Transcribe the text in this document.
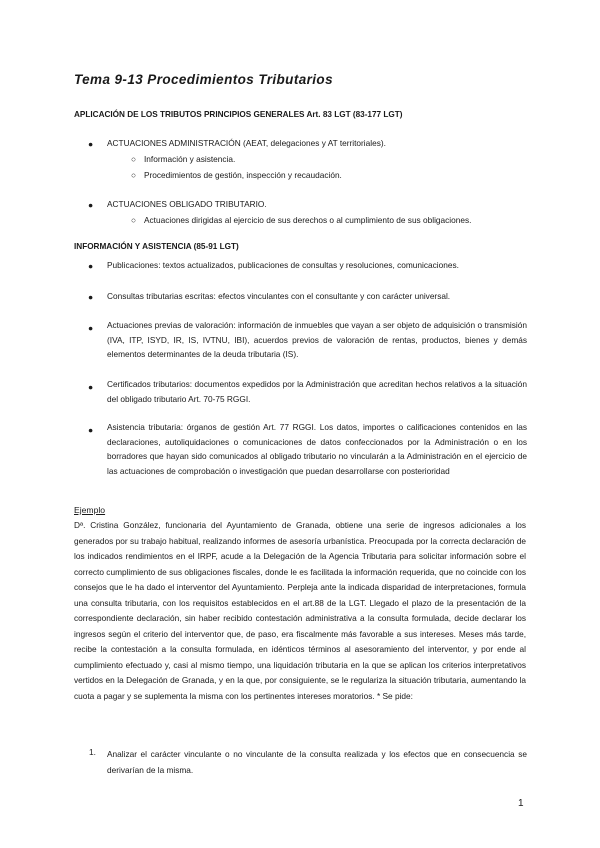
Tema 9-13 Procedimientos Tributarios
APLICACIÓN DE LOS TRIBUTOS PRINCIPIOS GENERALES Art. 83 LGT (83-177 LGT)
● ACTUACIONES ADMINISTRACIÓN (AEAT, delegaciones y AT territoriales).
○ Información y asistencia.
○ Procedimientos de gestión, inspección y recaudación.
● ACTUACIONES OBLIGADO TRIBUTARIO.
○ Actuaciones dirigidas al ejercicio de sus derechos o al cumplimiento de sus obligaciones.
INFORMACIÓN Y ASISTENCIA (85-91 LGT)
● Publicaciones: textos actualizados, publicaciones de consultas y resoluciones, comunicaciones.
● Consultas tributarias escritas: efectos vinculantes con el consultante y con carácter universal.
● Actuaciones previas de valoración: información de inmuebles que vayan a ser objeto de adquisición o transmisión (IVA, ITP, ISYD, IR, IS, IVTNU, IBI), acuerdos previos de valoración de rentas, productos, bienes y demás elementos determinantes de la deuda tributaria (IS).
● Certificados tributarios: documentos expedidos por la Administración que acreditan hechos relativos a la situación del obligado tributario Art. 70-75 RGGI.
● Asistencia tributaria: órganos de gestión Art. 77 RGGI. Los datos, importes o calificaciones contenidos en las declaraciones, autoliquidaciones o comunicaciones de datos confeccionados por la Administración o en los borradores que hayan sido comunicados al obligado tributario no vincularán a la Administración en el ejercicio de las actuaciones de comprobación o investigación que puedan desarrollarse con posterioridad
Ejemplo

Dª. Cristina González, funcionaria del Ayuntamiento de Granada, obtiene una serie de ingresos adicionales a los generados por su trabajo habitual, realizando informes de asesoría urbanística. Preocupada por la correcta declaración de los indicados rendimientos en el IRPF, acude a la Delegación de la Agencia Tributaria para solicitar información sobre el correcto cumplimiento de sus obligaciones fiscales, donde le es facilitada la información requerida, que no coincide con los consejos que le ha dado el interventor del Ayuntamiento. Perpleja ante la indicada disparidad de interpretaciones, formula una consulta tributaria, con los requisitos establecidos en el art.88 de la LGT. Llegado el plazo de la presentación de la correspondiente declaración, sin haber recibido contestación administrativa a la consulta formulada, decide declarar los ingresos según el criterio del interventor que, de paso, era fiscalmente más favorable a sus intereses. Meses más tarde, recibe la contestación a la consulta formulada, en idénticos términos al asesoramiento del interventor, y por ende al cumplimiento efectuado y, casi al mismo tiempo, una liquidación tributaria en la que se aplican los criterios interpretativos vertidos en la Delegación de Granada, y en la que, por consiguiente, se le regulariza la situación tributaria, aumentando la cuota a pagar y se suplementa la misma con los pertinentes intereses moratorios. * Se pide:

1. Analizar el carácter vinculante o no vinculante de la consulta realizada y los efectos que en consecuencia se derivarían de la misma.
1
